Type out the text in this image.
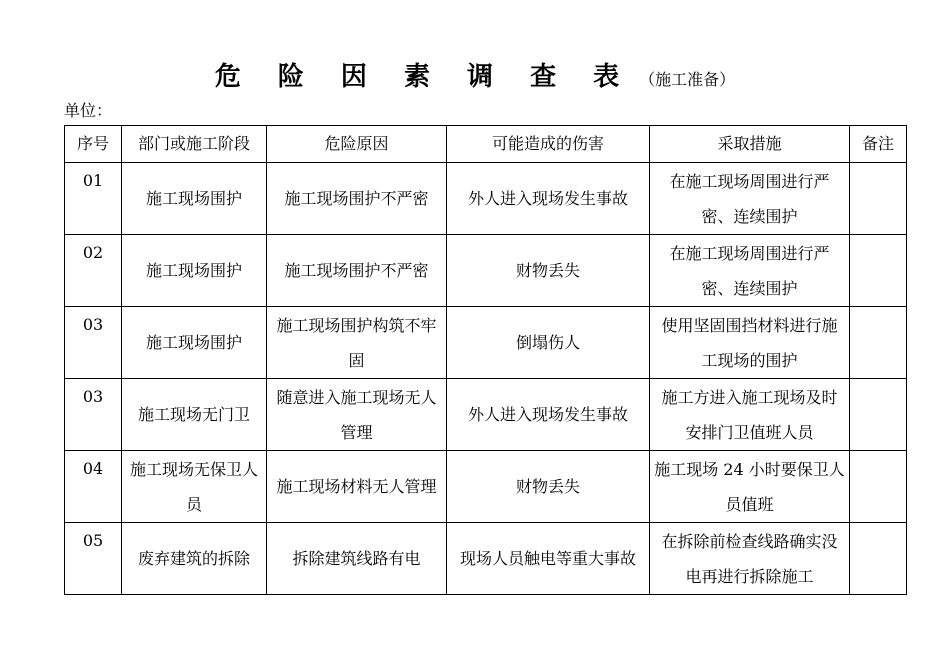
危 险 因 素 调 查 表 （施工准备）
单位：
序号	部门或施工阶段	危险原因	可能造成的伤害	采取措施	备注
01	施工现场围护	施工现场围护不严密	外人进入现场发生事故	在施工现场周围进行严密、连续围护	
02	施工现场围护	施工现场围护不严密	财物丢失	在施工现场周围进行严密、连续围护	
03	施工现场围护	施工现场围护构筑不牢固	倒塌伤人	使用坚固围挡材料进行施工现场的围护	
03	施工现场无门卫	随意进入施工现场无人管理	外人进入现场发生事故	施工方进入施工现场及时安排门卫值班人员	
04	施工现场无保卫人员	施工现场材料无人管理	财物丢失	施工现场 24 小时要保卫人员值班	
05	废弃建筑的拆除	拆除建筑线路有电	现场人员触电等重大事故	在拆除前检查线路确实没电再进行拆除施工	
